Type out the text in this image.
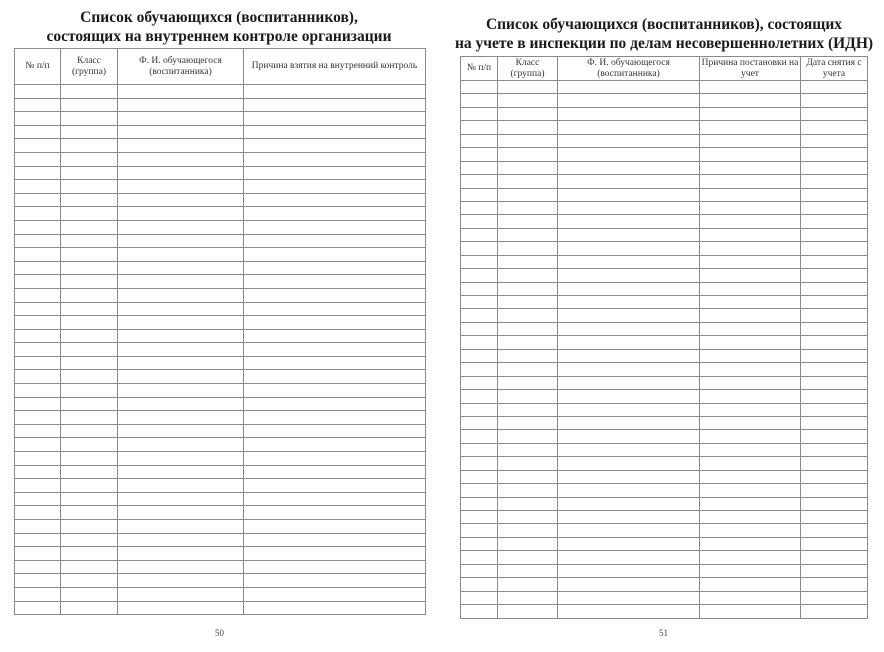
Список обучающихся (воспитанников),
состоящих на внутреннем контроле организации
№ п/п	Класс (группа)	Ф. И. обучающегося (воспитанника)	Причина взятия на внутренний контроль

50
Список обучающихся (воспитанников), состоящих
на учете в инспекции по делам несовершеннолетних (ИДН)
№ п/п	Класс (группа)	Ф. И. обучающегося (воспитанника)	Причина постановки на учет	Дата снятия с учета

51
